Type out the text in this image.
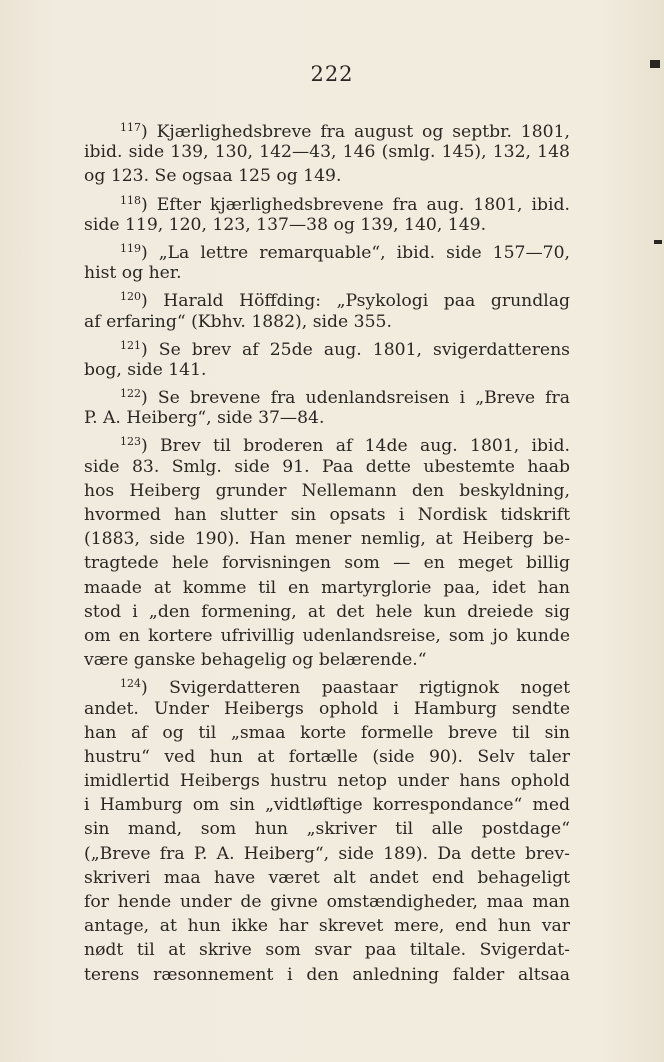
222
$^{117}$) Kjærlighedsbreve fra august og septbr. 1801,
ibid. side 139, 130, 142—43, 146 (smlg. 145), 132, 148
og 123. Se ogsaa 125 og 149.
$^{118}$) Efter kjærlighedsbrevene fra aug. 1801, ibid.
side 119, 120, 123, 137—38 og 139, 140, 149.
$^{119}$) „La lettre remarquable“, ibid. side 157—70,
hist og her.
$^{120}$) Harald Höffding: „Psykologi paa grundlag
af erfaring“ (Kbhv. 1882), side 355.
$^{121}$) Se brev af 25de aug. 1801, svigerdatterens
bog, side 141.
$^{122}$) Se brevene fra udenlandsreisen i „Breve fra
P. A. Heiberg“, side 37—84.
$^{123}$) Brev til broderen af 14de aug. 1801, ibid.
side 83. Smlg. side 91. Paa dette ubestemte haab
hos Heiberg grunder Nellemann den beskyldning,
hvormed han slutter sin opsats i Nordisk tidskrift
(1883, side 190). Han mener nemlig, at Heiberg be-
tragtede hele forvisningen som — en meget billig
maade at komme til en martyrglorie paa, idet han
stod i „den formening, at det hele kun dreiede sig
om en kortere ufrivillig udenlandsreise, som jo kunde
være ganske behagelig og belærende.“
$^{124}$) Svigerdatteren paastaar rigtignok noget
andet. Under Heibergs ophold i Hamburg sendte
han af og til „smaa korte formelle breve til sin
hustru“ ved hun at fortælle (side 90). Selv taler
imidlertid Heibergs hustru netop under hans ophold
i Hamburg om sin „vidtløftige korrespondance“ med
sin mand, som hun „skriver til alle postdage“
(„Breve fra P. A. Heiberg“, side 189). Da dette brev-
skriveri maa have været alt andet end behageligt
for hende under de givne omstændigheder, maa man
antage, at hun ikke har skrevet mere, end hun var
nødt til at skrive som svar paa tiltale. Svigerdat-
terens ræsonnement i den anledning falder altsaa
